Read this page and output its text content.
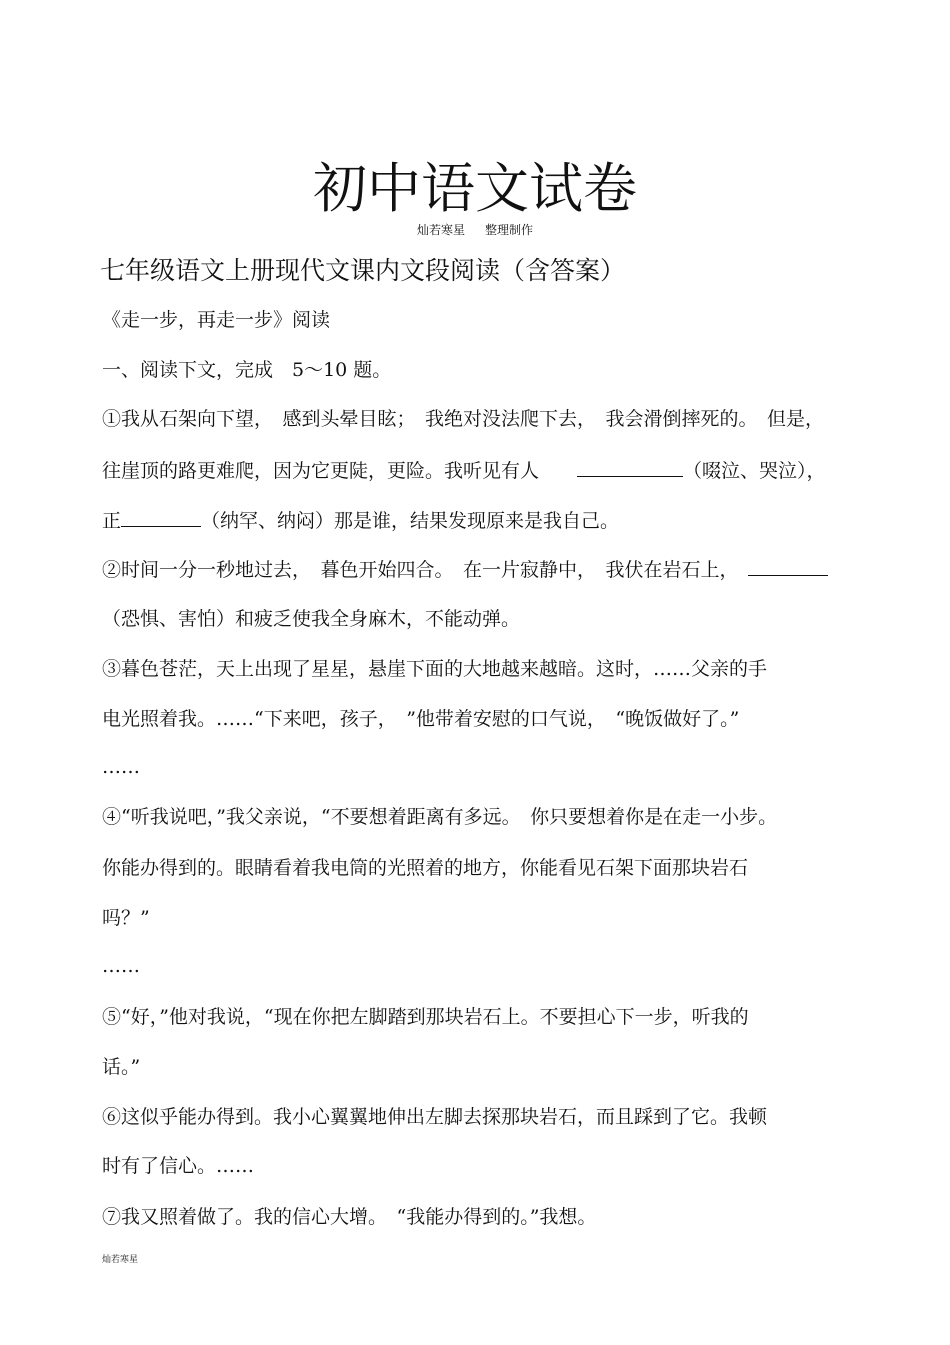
初中语文试卷
灿若寒星 整理制作
七年级语文上册现代文课内文段阅读（含答案）
《走一步，再走一步》阅读
一、阅读下文，完成　5～10 题。
①我从石架向下望，　感到头晕目眩；　我绝对没法爬下去，　我会滑倒摔死的。　但是，
往崖顶的路更难爬，因为它更陡，更险。我听见有人　　	（啜泣、哭泣），
正	（纳罕、纳闷）那是谁，结果发现原来是我自己。
②时间一分一秒地过去，　暮色开始四合。　在一片寂静中，　我伏在岩石上，　
（恐惧、害怕）和疲乏使我全身麻木，不能动弹。
③暮色苍茫，天上出现了星星，悬崖下面的大地越来越暗。这时，……父亲的手
电光照着我。……“下来吧，孩子，　”他带着安慰的口气说，　“晚饭做好了。”
……
④“听我说吧，”我父亲说，“不要想着距离有多远。　你只要想着你是在走一小步。
你能办得到的。眼睛看着我电筒的光照着的地方，你能看见石架下面那块岩石
吗？”
……
⑤“好，”他对我说，“现在你把左脚踏到那块岩石上。不要担心下一步，听我的
话。”
⑥这似乎能办得到。我小心翼翼地伸出左脚去探那块岩石，而且踩到了它。我顿
时有了信心。……
⑦我又照着做了。我的信心大增。　“我能办得到的。”我想。
灿若寒星
